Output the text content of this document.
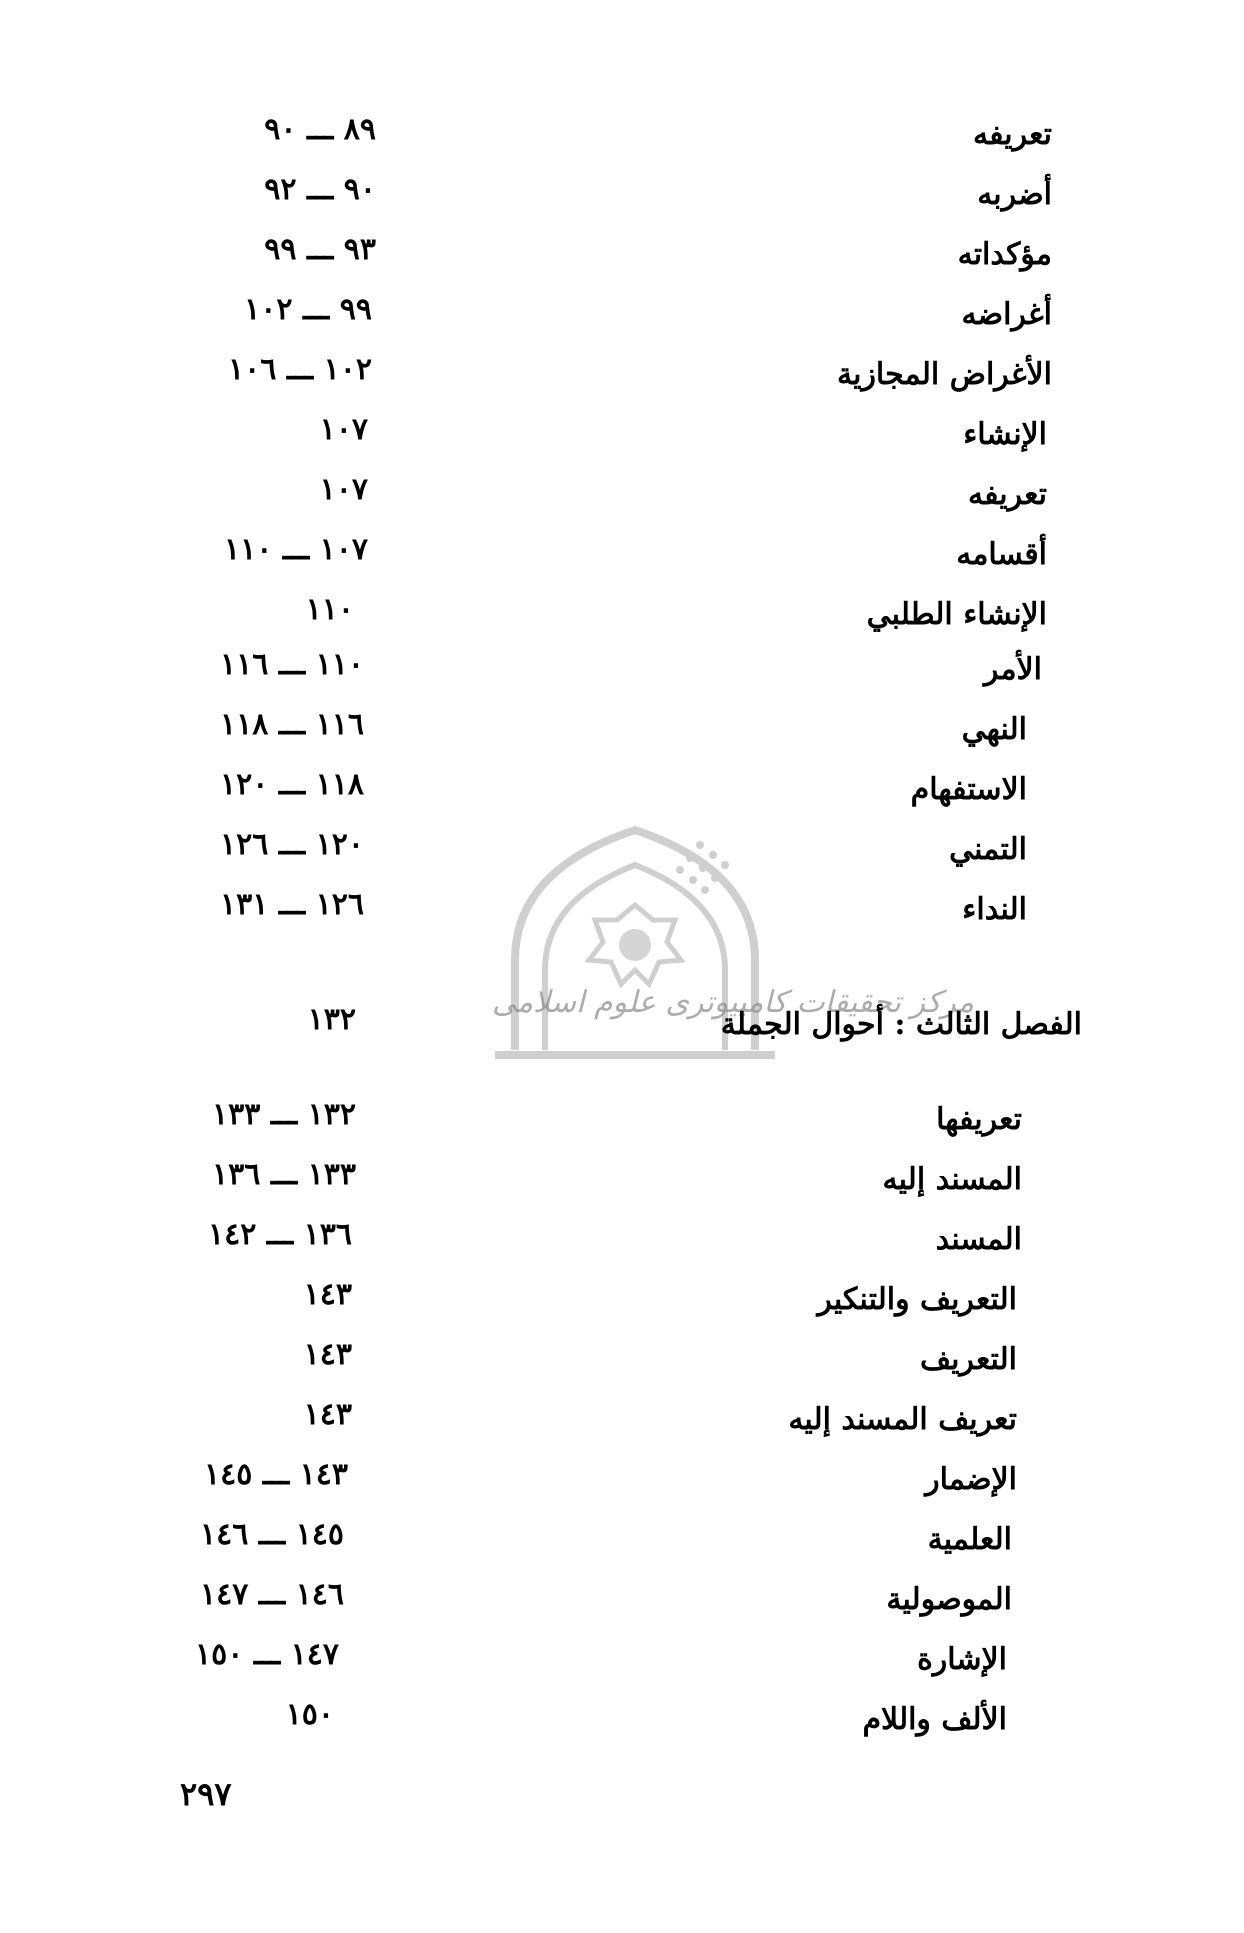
مرکز تحقیقات کامپیوتری علوم اسلامی
تعريفه
٨٩ ـــ ٩٠
أضربه
٩٠ ـــ ٩٢
مؤكداته
٩٣ ـــ ٩٩
أغراضه
٩٩ ـــ ١٠٢
الأغراض المجازية
١٠٢ ـــ ١٠٦
الإنشاء
١٠٧
تعريفه
١٠٧
أقسامه
١٠٧ ـــ ١١٠
الإنشاء الطلبي
١١٠
الأمر
١١٠ ـــ ١١٦
النهي
١١٦ ـــ ١١٨
الاستفهام
١١٨ ـــ ١٢٠
التمني
١٢٠ ـــ ١٢٦
النداء
١٢٦ ـــ ١٣١
الفصل الثالث : أحوال الجملة
١٣٢
تعريفها
١٣٢ ـــ ١٣٣
المسند إليه
١٣٣ ـــ ١٣٦
المسند
١٣٦ ـــ ١٤٢
التعريف والتنكير
١٤٣
التعريف
١٤٣
تعريف المسند إليه
١٤٣
الإضمار
١٤٣ ـــ ١٤٥
العلمية
١٤٥ ـــ ١٤٦
الموصولية
١٤٦ ـــ ١٤٧
الإشارة
١٤٧ ـــ ١٥٠
الألف واللام
١٥٠
٢٩٧
